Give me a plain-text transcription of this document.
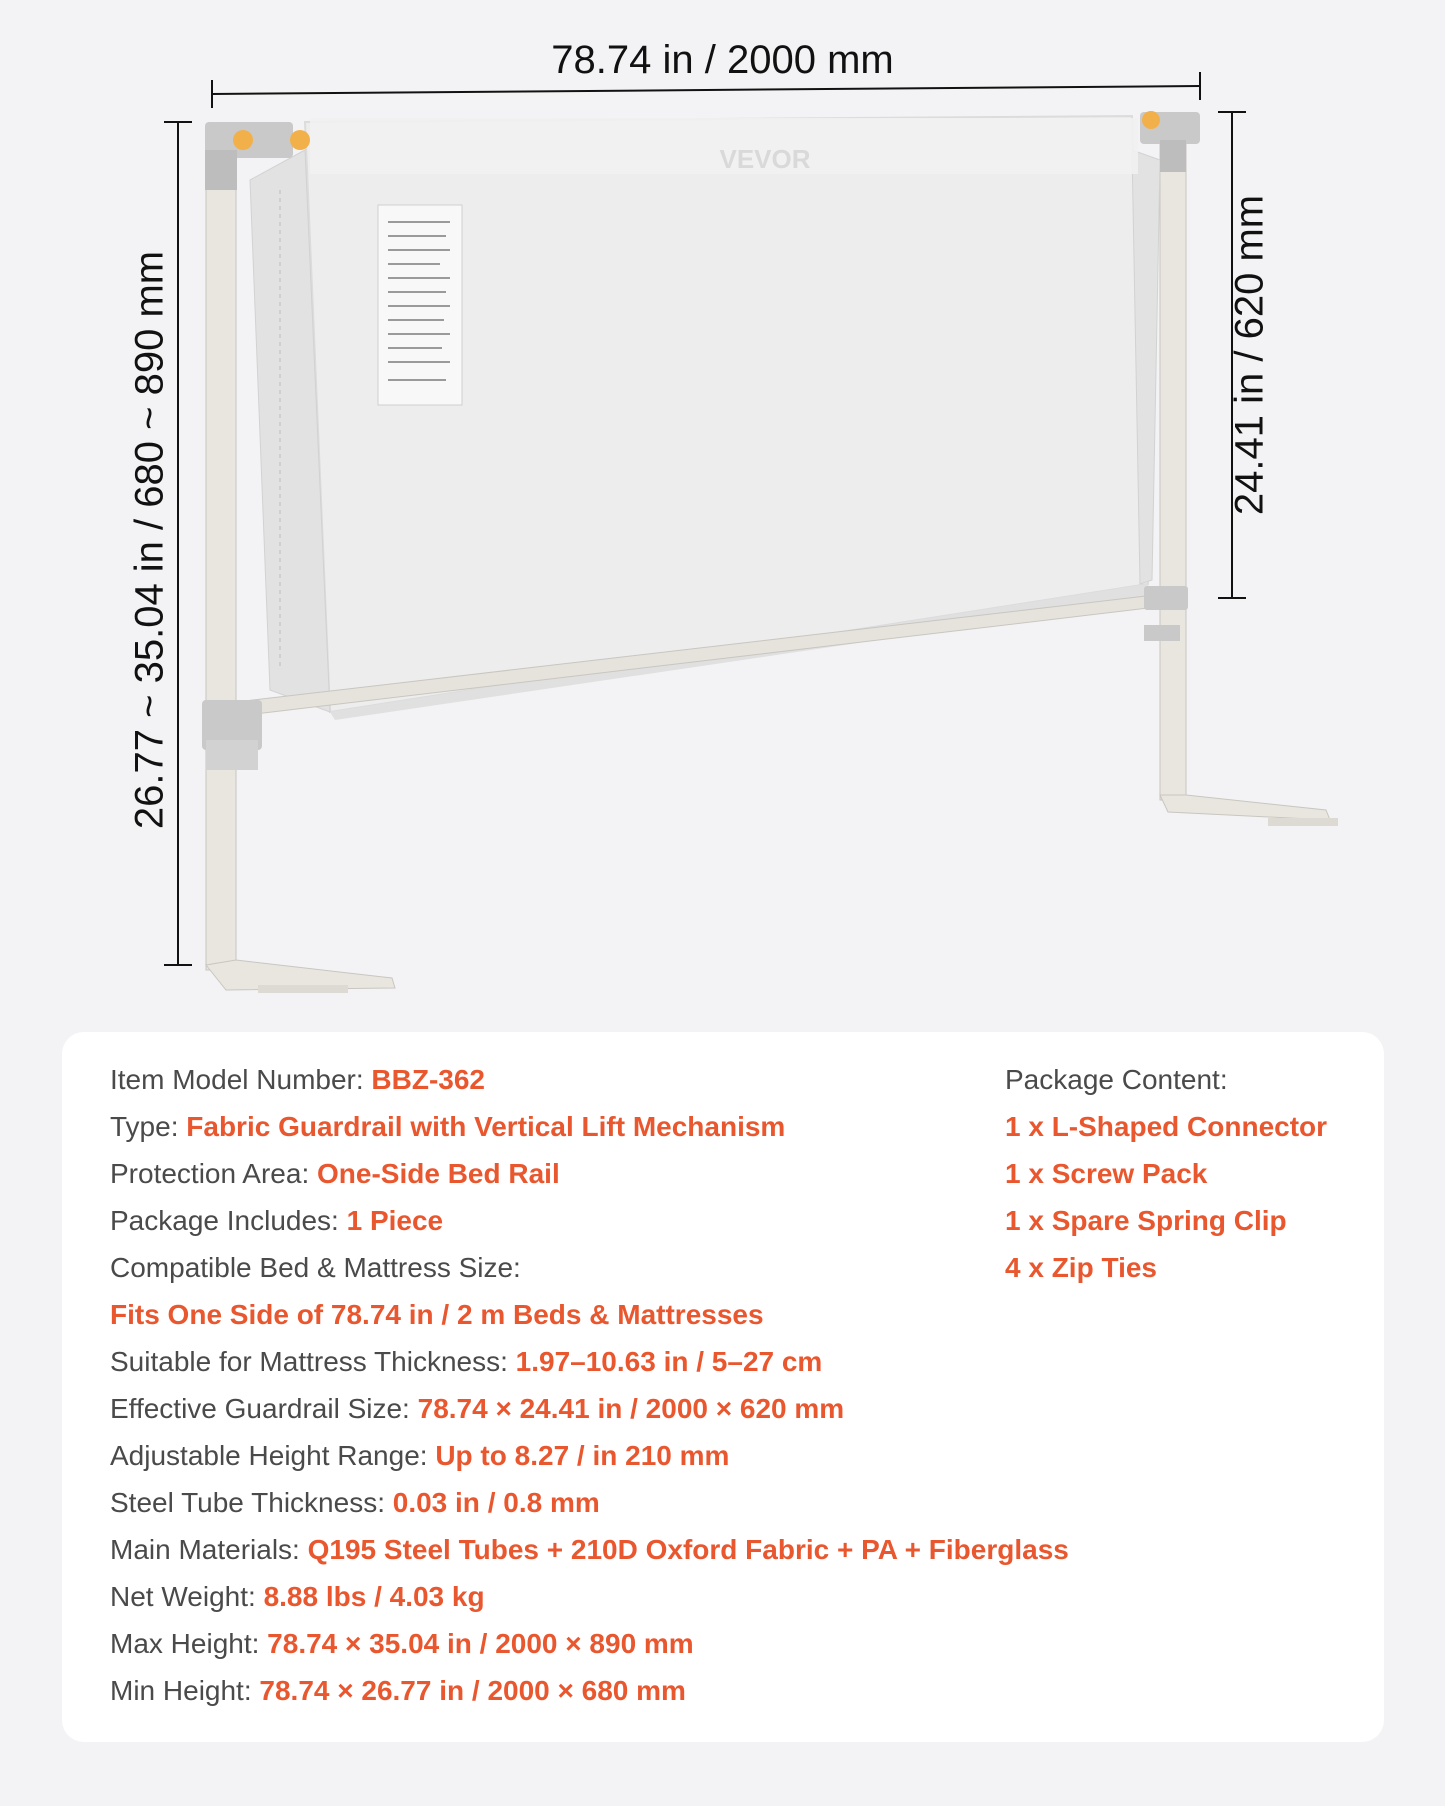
VEVOR
78.74 in / 2000 mm
26.77 ~ 35.04 in / 680 ~ 890 mm	24.41 in / 620 mm
Item Model Number: BBZ-362
Type: Fabric Guardrail with Vertical Lift Mechanism
Protection Area: One-Side Bed Rail
Package Includes: 1 Piece
Compatible Bed & Mattress Size:
Fits One Side of 78.74 in / 2 m Beds & Mattresses
Suitable for Mattress Thickness: 1.97–10.63 in / 5–27 cm
Effective Guardrail Size: 78.74 × 24.41 in / 2000 × 620 mm
Adjustable Height Range: Up to 8.27 / in 210 mm
Steel Tube Thickness: 0.03 in / 0.8 mm
Main Materials: Q195 Steel Tubes + 210D Oxford Fabric + PA + Fiberglass
Net Weight: 8.88 lbs / 4.03 kg
Max Height: 78.74 × 35.04 in / 2000 × 890 mm
Min Height: 78.74 × 26.77 in / 2000 × 680 mm
Package Content:
1 x L-Shaped Connector
1 x Screw Pack
1 x Spare Spring Clip
4 x Zip Ties
